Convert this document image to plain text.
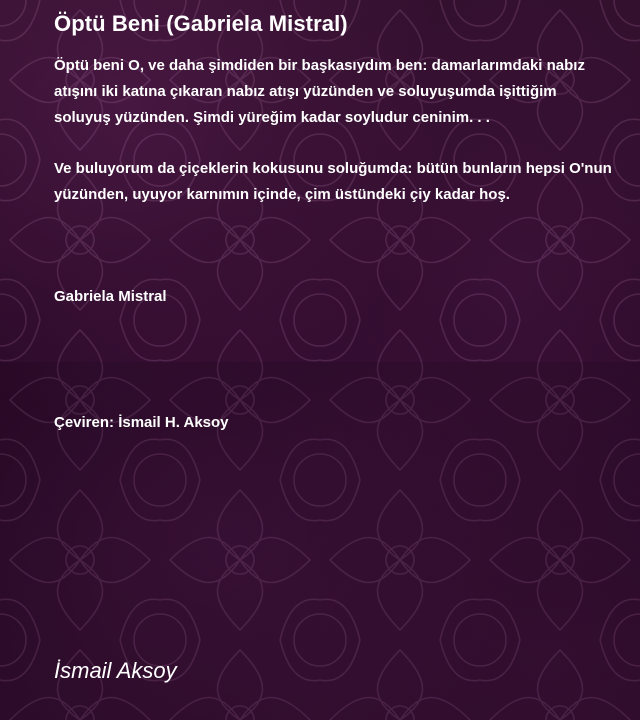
Öptü Beni (Gabriela Mistral)

Öptü beni O, ve daha şimdiden bir başkasıydım ben: damarlarımdaki nabız atışını iki katına çıkaran nabız atışı yüzünden ve soluyuşumda işittiğim soluyuş yüzünden. Şimdi yüreğim kadar soyludur ceninim. . .

Ve buluyorum da çiçeklerin kokusunu soluğumda: bütün bunların hepsi O'nun yüzünden, uyuyor karnımın içinde, çim üstündeki çiy kadar hoş.

Gabriela Mistral

Çeviren: İsmail H. Aksoy

İsmail Aksoy
